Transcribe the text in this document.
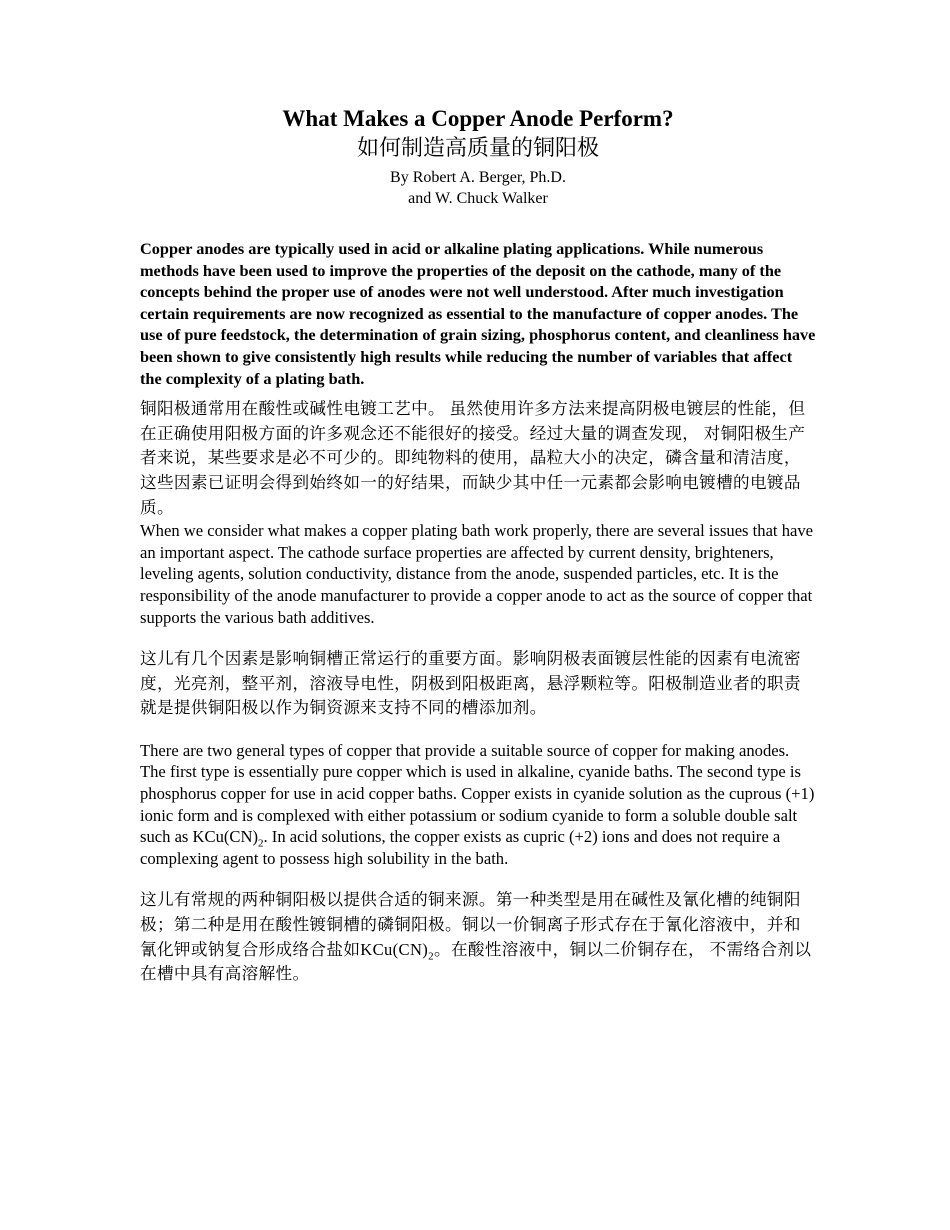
What Makes a Copper Anode Perform?
如何制造高质量的铜阳极
By Robert A. Berger, Ph.D.
and W. Chuck Walker
Copper anodes are typically used in acid or alkaline plating applications. While numerous methods have been used to improve the properties of the deposit on the cathode, many of the concepts behind the proper use of anodes were not well understood. After much investigation certain requirements are now recognized as essential to the manufacture of copper anodes. The use of pure feedstock, the determination of grain sizing, phosphorus content, and cleanliness have been shown to give consistently high results while reducing the number of variables that affect the complexity of a plating bath.
铜阳极通常用在酸性或碱性电镀工艺中。 虽然使用许多方法来提高阴极电镀层的性能，但在正确使用阳极方面的许多观念还不能很好的接受。经过大量的调查发现， 对铜阳极生产者来说，某些要求是必不可少的。即纯物料的使用，晶粒大小的决定，磷含量和清洁度， 这些因素已证明会得到始终如一的好结果，而缺少其中任一元素都会影响电镀槽的电镀品质。
When we consider what makes a copper plating bath work properly, there are several issues that have an important aspect. The cathode surface properties are affected by current density, brighteners, leveling agents, solution conductivity, distance from the anode, suspended particles, etc. It is the responsibility of the anode manufacturer to provide a copper anode to act as the source of copper that supports the various bath additives.
这儿有几个因素是影响铜槽正常运行的重要方面。影响阴极表面镀层性能的因素有电流密度，光亮剂，整平剂，溶液导电性，阴极到阳极距离，悬浮颗粒等。阳极制造业者的职责就是提供铜阳极以作为铜资源来支持不同的槽添加剂。
There are two general types of copper that provide a suitable source of copper for making anodes. The first type is essentially pure copper which is used in alkaline, cyanide baths. The second type is phosphorus copper for use in acid copper baths. Copper exists in cyanide solution as the cuprous (+1) ionic form and is complexed with either potassium or sodium cyanide to form a soluble double salt such as $KCu(CN)_2$. In acid solutions, the copper exists as cupric (+2) ions and does not require a complexing agent to possess high solubility in the bath.
这儿有常规的两种铜阳极以提供合适的铜来源。第一种类型是用在碱性及氰化槽的纯铜阳极；第二种是用在酸性镀铜槽的磷铜阳极。铜以一价铜离子形式存在于氰化溶液中，并和氰化钾或钠复合形成络合盐如$KCu(CN)_2$。在酸性溶液中，铜以二价铜存在， 不需络合剂以在槽中具有高溶解性。
